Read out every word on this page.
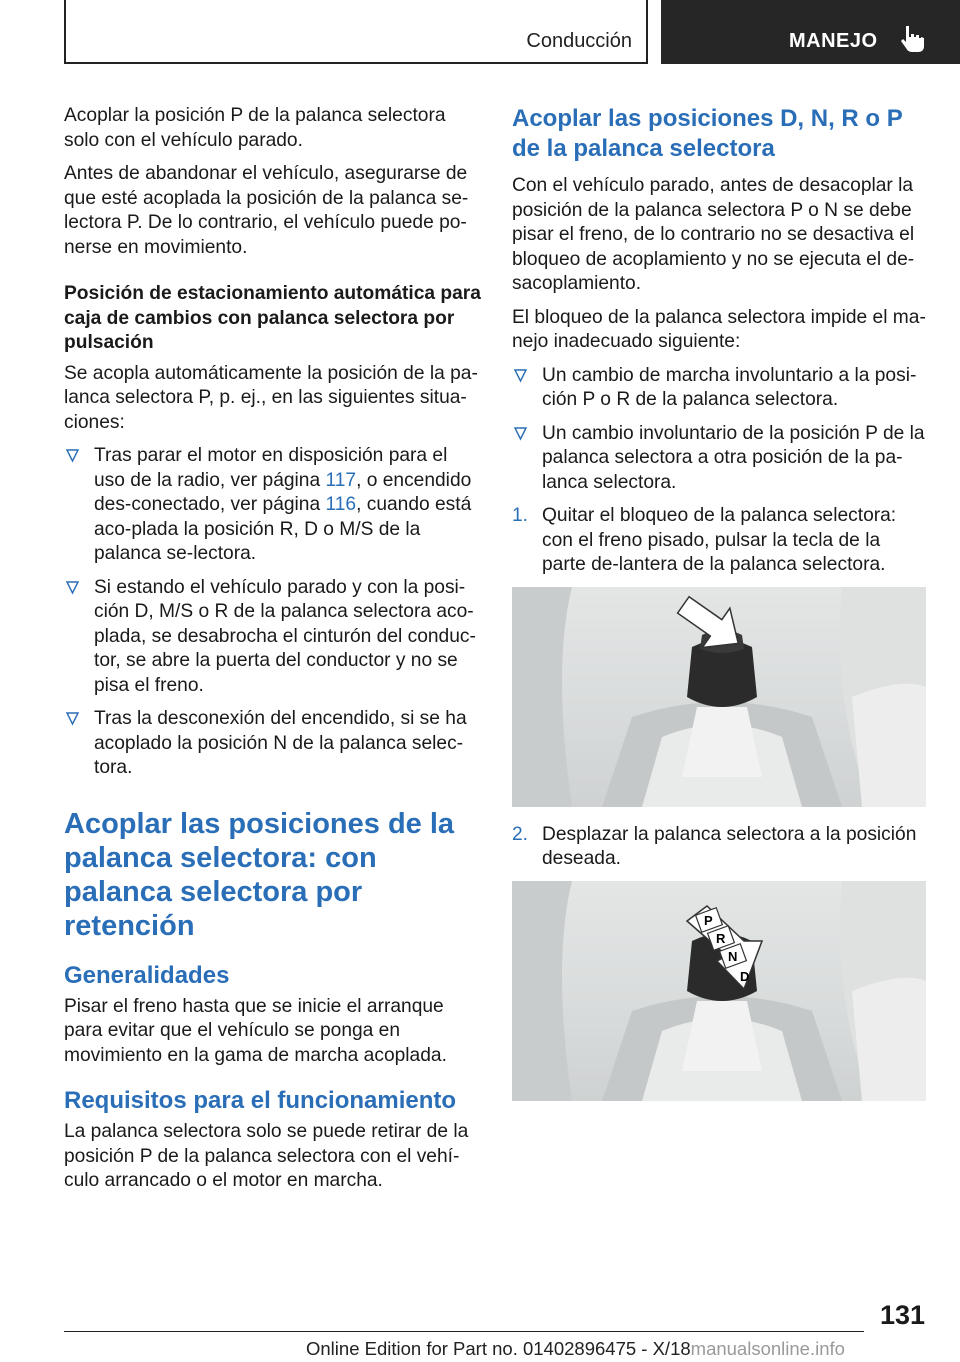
Conducción	MANEJO

Acoplar la posición P de la palanca selectora solo con el vehículo parado.

Antes de abandonar el vehículo, asegurarse de que esté acoplada la posición de la palanca se-lectora P. De lo contrario, el vehículo puede po-nerse en movimiento.

Posición de estacionamiento automática para caja de cambios con palanca selectora por pulsación

Se acopla automáticamente la posición de la pa-lanca selectora P, p. ej., en las siguientes situa-ciones:

Tras parar el motor en disposición para el uso de la radio, ver página 117, o encendido des-conectado, ver página 116, cuando está aco-plada la posición R, D o M/S de la palanca se-lectora.
Si estando el vehículo parado y con la posi-ción D, M/S o R de la palanca selectora aco-plada, se desabrocha el cinturón del conduc-tor, se abre la puerta del conductor y no se pisa el freno.
Tras la desconexión del encendido, si se ha acoplado la posición N de la palanca selec-tora.
Acoplar las posiciones de la palanca selectora: con palanca selectora por retención
Generalidades

Pisar el freno hasta que se inicie el arranque para evitar que el vehículo se ponga en movimiento en la gama de marcha acoplada.

Requisitos para el funcionamiento

La palanca selectora solo se puede retirar de la posición P de la palanca selectora con el vehí-culo arrancado o el motor en marcha.

Acoplar las posiciones D, N, R o P de la palanca selectora

Con el vehículo parado, antes de desacoplar la posición de la palanca selectora P o N se debe pisar el freno, de lo contrario no se desactiva el bloqueo de acoplamiento y no se ejecuta el de-sacoplamiento.

El bloqueo de la palanca selectora impide el ma-nejo inadecuado siguiente:

Un cambio de marcha involuntario a la posi-ción P o R de la palanca selectora.
Un cambio involuntario de la posición P de la palanca selectora a otra posición de la pa-lanca selectora.
1. Quitar el bloqueo de la palanca selectora: con el freno pisado, pulsar la tecla de la parte de-lantera de la palanca selectora.
2. Desplazar la palanca selectora a la posición deseada.
P
R
N
D
131
Online Edition for Part no. 01402896475 - X/18manualsonline.info
